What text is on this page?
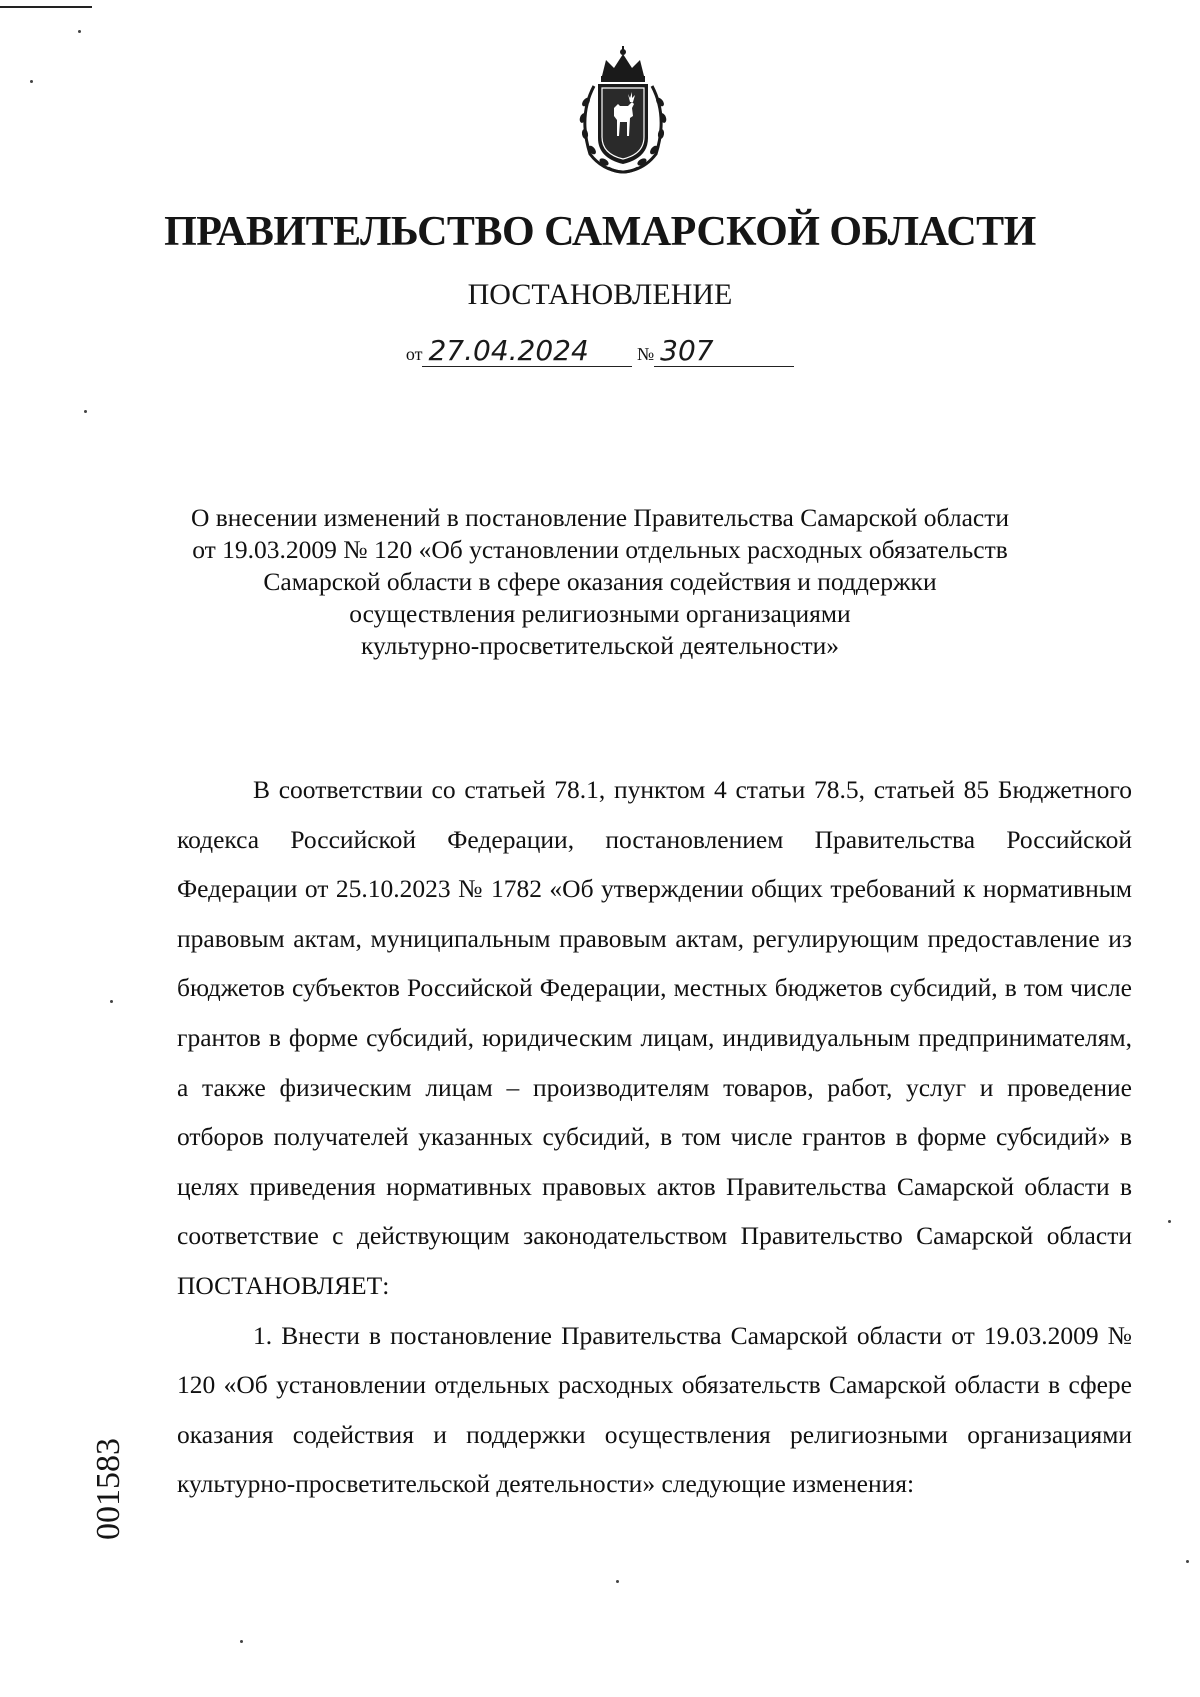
ПРАВИТЕЛЬСТВО САМАРСКОЙ ОБЛАСТИ
ПОСТАНОВЛЕНИЕ
от 27.04.2024	№ 307
О внесении изменений в постановление Правительства Самарской области
от 19.03.2009 № 120 «Об установлении отдельных расходных обязательств
Самарской области в сфере оказания содействия и поддержки
осуществления религиозными организациями
культурно-просветительской деятельности»

В соответствии со статьей 78.1, пунктом 4 статьи 78.5, статьей 85 Бюджетного кодекса Российской Федерации, постановлением Правительства Российской Федерации от 25.10.2023 № 1782 «Об утверждении общих требований к нормативным правовым актам, муниципальным правовым актам, регулирующим предоставление из бюджетов субъектов Российской Федерации, местных бюджетов субсидий, в том числе грантов в форме субсидий, юридическим лицам, индивидуальным предпринимателям, а также физическим лицам – производителям товаров, работ, услуг и проведение отборов получателей указанных субсидий, в том числе грантов в форме субсидий» в целях приведения нормативных правовых актов Правительства Самарской области в соответствие с действующим законодательством Правительство Самарской области ПОСТАНОВЛЯЕТ:

1. Внести в постановление Правительства Самарской области от 19.03.2009 № 120 «Об установлении отдельных расходных обязательств Самарской области в сфере оказания содействия и поддержки осуществления религиозными организациями культурно-просветительской деятельности» следующие изменения:

001583
